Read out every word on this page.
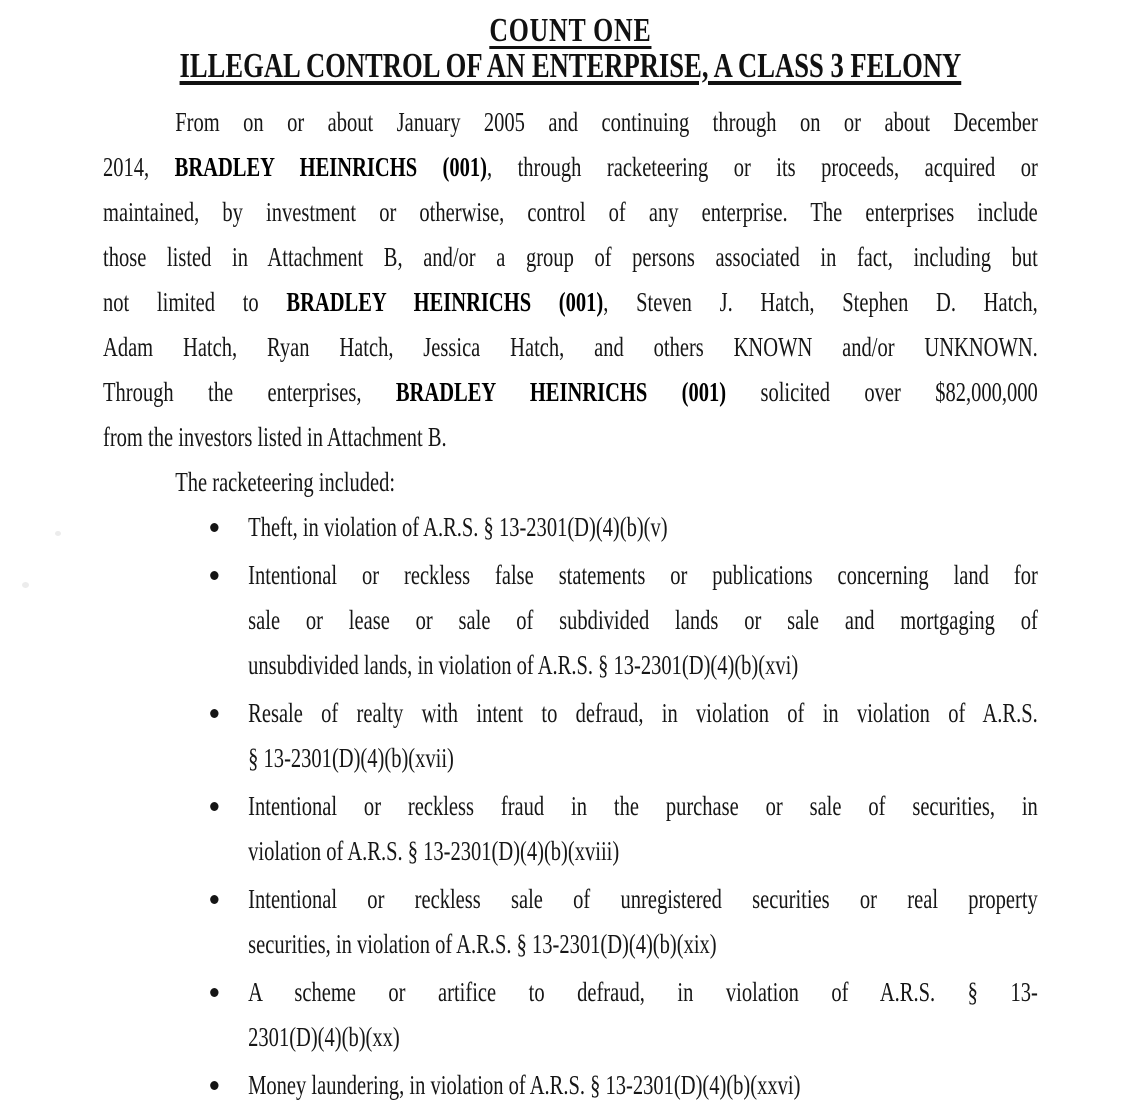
COUNT ONE
ILLEGAL CONTROL OF AN ENTERPRISE, A CLASS 3 FELONY
From on or about January 2005 and continuing through on or about December
2014, BRADLEY HEINRICHS (001), through racketeering or its proceeds, acquired or
maintained, by investment or otherwise, control of any enterprise. The enterprises include
those listed in Attachment B, and/or a group of persons associated in fact, including but
not limited to BRADLEY HEINRICHS (001), Steven J. Hatch, Stephen D. Hatch,
Adam Hatch, Ryan Hatch, Jessica Hatch, and others KNOWN and/or UNKNOWN.
Through the enterprises, BRADLEY HEINRICHS (001) solicited over $82,000,000
from the investors listed in Attachment B.
The racketeering included:
Theft, in violation of A.R.S. § 13-2301(D)(4)(b)(v)
Intentional or reckless false statements or publications concerning land for
sale or lease or sale of subdivided lands or sale and mortgaging of
unsubdivided lands, in violation of A.R.S. § 13-2301(D)(4)(b)(xvi)
Resale of realty with intent to defraud, in violation of in violation of A.R.S.
§ 13-2301(D)(4)(b)(xvii)
Intentional or reckless fraud in the purchase or sale of securities, in
violation of A.R.S. § 13-2301(D)(4)(b)(xviii)
Intentional or reckless sale of unregistered securities or real property
securities, in violation of A.R.S. § 13-2301(D)(4)(b)(xix)
A scheme or artifice to defraud, in violation of A.R.S. § 13-
2301(D)(4)(b)(xx)
Money laundering, in violation of A.R.S. § 13-2301(D)(4)(b)(xxvi)
